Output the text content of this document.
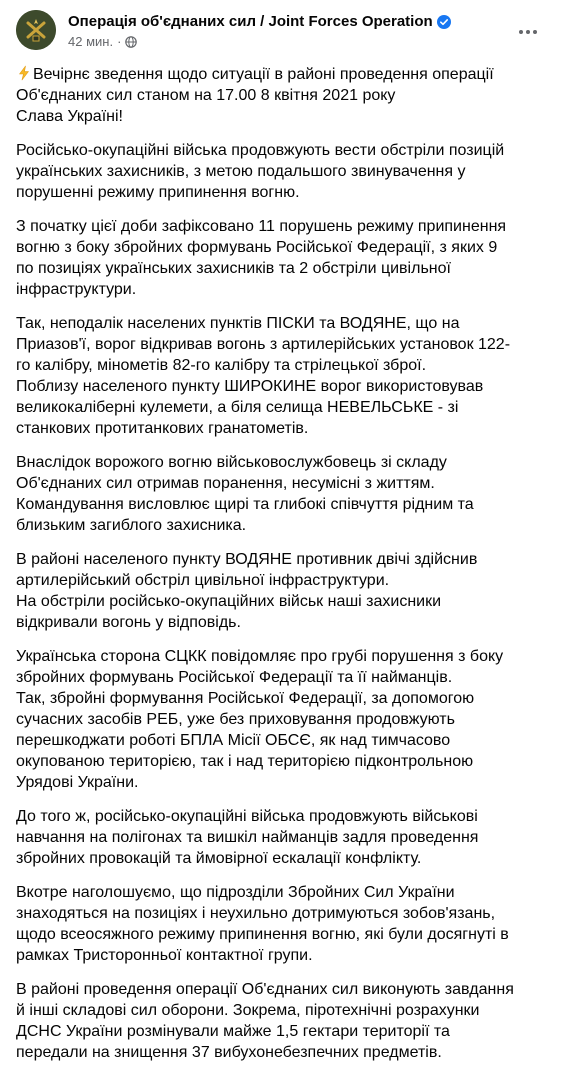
Операція об'єднаних сил / Joint Forces Operation
42 мин. ·
Вечірнє зведення щодо ситуації в районі проведення операції
Об'єднаних сил станом на 17.00 8 квітня 2021 року
Слава Україні!
Російсько-окупаційні війська продовжують вести обстріли позицій
українських захисників, з метою подальшого звинувачення у
порушенні режиму припинення вогню.
З початку цієї доби зафіксовано 11 порушень режиму припинення
вогню з боку збройних формувань Російської Федерації, з яких 9
по позиціях українських захисників та 2 обстріли цивільної
інфраструктури.
Так, неподалік населених пунктів ПІСКИ та ВОДЯНЕ, що на
Приазов'ї, ворог відкривав вогонь з артилерійських установок 122-
го калібру, мінометів 82-го калібру та стрілецької зброї.
Поблизу населеного пункту ШИРОКИНЕ ворог використовував
великокаліберні кулемети, а біля селища НЕВЕЛЬСЬКЕ - зі
станкових протитанкових гранатометів.
Внаслідок ворожого вогню військовослужбовець зі складу
Об'єднаних сил отримав поранення, несумісні з життям.
Командування висловлює щирі та глибокі співчуття рідним та
близьким загиблого захисника.
В районі населеного пункту ВОДЯНЕ противник двічі здійснив
артилерійський обстріл цивільної інфраструктури.
На обстріли російсько-окупаційних військ наші захисники
відкривали вогонь у відповідь.
Українська сторона СЦКК повідомляє про грубі порушення з боку
збройних формувань Російської Федерації та її найманців.
Так, збройні формування Російської Федерації, за допомогою
сучасних засобів РЕБ, уже без приховування продовжують
перешкоджати роботі БПЛА Місії ОБСЄ, як над тимчасово
окупованою територією, так і над територією підконтрольною
Урядові України.
До того ж, російсько-окупаційні війська продовжують військові
навчання на полігонах та вишкіл найманців задля проведення
збройних провокацій та ймовірної ескалації конфлікту.
Вкотре наголошуємо, що підрозділи Збройних Сил України
знаходяться на позиціях і неухильно дотримуються зобов'язань,
щодо всеосяжного режиму припинення вогню, які були досягнуті в
рамках Тристоронньої контактної групи.
В районі проведення операції Об'єднаних сил виконують завдання
й інші складові сил оборони. Зокрема, піротехнічні розрахунки
ДСНС України розмінували майже 1,5 гектари території та
передали на знищення 37 вибухонебезпечних предметів.
